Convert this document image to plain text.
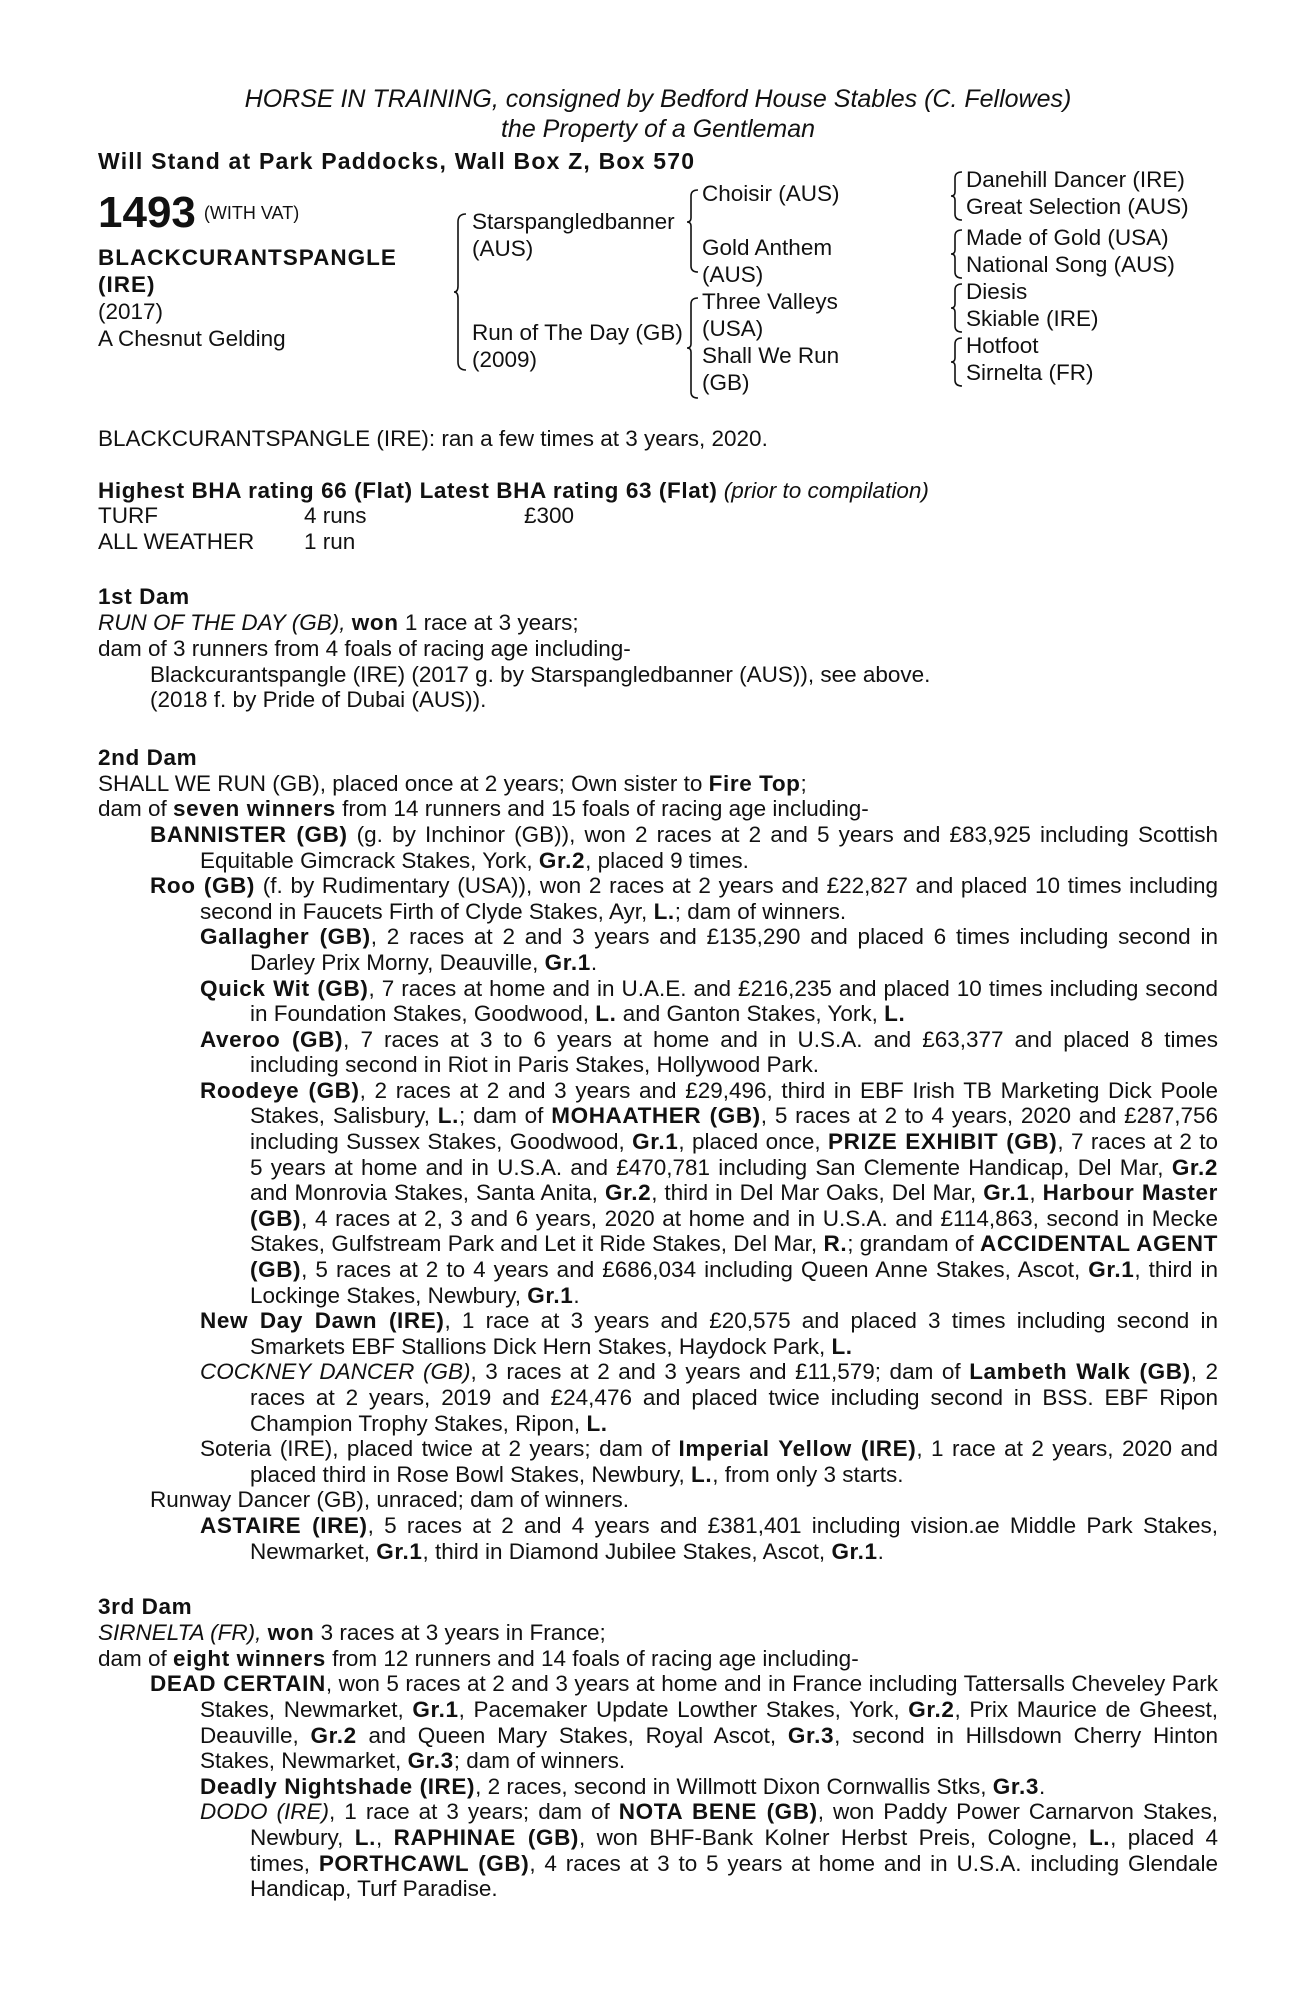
HORSE IN TRAINING, consigned by Bedford House Stables (C. Fellowes)
the Property of a Gentleman
Will Stand at Park Paddocks, Wall Box Z, Box 570
1493 $^{(WITH VAT)}$
BLACKCURANTSPANGLE
(IRE)
(2017)
A Chesnut Gelding
Starspangledbanner
(AUS)
Run of The Day (GB)
(2009)
Choisir (AUS)
Gold Anthem
(AUS)
Three Valleys
(USA)
Shall We Run
(GB)
Danehill Dancer (IRE)
Great Selection (AUS)
Made of Gold (USA)
National Song (AUS)
Diesis
Skiable (IRE)
Hotfoot
Sirnelta (FR)
BLACKCURANTSPANGLE (IRE): ran a few times at 3 years, 2020.
Highest BHA rating 66 (Flat) Latest BHA rating 63 (Flat) (prior to compilation)
TURF	4 runs	£300
ALL WEATHER	1 run
1st Dam
RUN OF THE DAY (GB), won 1 race at 3 years;
dam of 3 runners from 4 foals of racing age including-
Blackcurantspangle (IRE) (2017 g. by Starspangledbanner (AUS)), see above.
(2018 f. by Pride of Dubai (AUS)).
2nd Dam
SHALL WE RUN (GB), placed once at 2 years; Own sister to Fire Top;
dam of seven winners from 14 runners and 15 foals of racing age including-
BANNISTER (GB) (g. by Inchinor (GB)), won 2 races at 2 and 5 years and £83,925 including Scottish Equitable Gimcrack Stakes, York, Gr.2, placed 9 times.
Roo (GB) (f. by Rudimentary (USA)), won 2 races at 2 years and £22,827 and placed 10 times including second in Faucets Firth of Clyde Stakes, Ayr, L.; dam of winners.
Gallagher (GB), 2 races at 2 and 3 years and £135,290 and placed 6 times including second in Darley Prix Morny, Deauville, Gr.1.
Quick Wit (GB), 7 races at home and in U.A.E. and £216,235 and placed 10 times including second in Foundation Stakes, Goodwood, L. and Ganton Stakes, York, L.
Averoo (GB), 7 races at 3 to 6 years at home and in U.S.A. and £63,377 and placed 8 times including second in Riot in Paris Stakes, Hollywood Park.
Roodeye (GB), 2 races at 2 and 3 years and £29,496, third in EBF Irish TB Marketing Dick Poole Stakes, Salisbury, L.; dam of MOHAATHER (GB), 5 races at 2 to 4 years, 2020 and £287,756 including Sussex Stakes, Goodwood, Gr.1, placed once, PRIZE EXHIBIT (GB), 7 races at 2 to 5 years at home and in U.S.A. and £470,781 including San Clemente Handicap, Del Mar, Gr.2 and Monrovia Stakes, Santa Anita, Gr.2, third in Del Mar Oaks, Del Mar, Gr.1, Harbour Master (GB), 4 races at 2, 3 and 6 years, 2020 at home and in U.S.A. and £114,863, second in Mecke Stakes, Gulfstream Park and Let it Ride Stakes, Del Mar, R.; grandam of ACCIDENTAL AGENT (GB), 5 races at 2 to 4 years and £686,034 including Queen Anne Stakes, Ascot, Gr.1, third in Lockinge Stakes, Newbury, Gr.1.
New Day Dawn (IRE), 1 race at 3 years and £20,575 and placed 3 times including second in Smarkets EBF Stallions Dick Hern Stakes, Haydock Park, L.
COCKNEY DANCER (GB), 3 races at 2 and 3 years and £11,579; dam of Lambeth Walk (GB), 2 races at 2 years, 2019 and £24,476 and placed twice including second in BSS. EBF Ripon Champion Trophy Stakes, Ripon, L.
Soteria (IRE), placed twice at 2 years; dam of Imperial Yellow (IRE), 1 race at 2 years, 2020 and placed third in Rose Bowl Stakes, Newbury, L., from only 3 starts.
Runway Dancer (GB), unraced; dam of winners.
ASTAIRE (IRE), 5 races at 2 and 4 years and £381,401 including vision.ae Middle Park Stakes, Newmarket, Gr.1, third in Diamond Jubilee Stakes, Ascot, Gr.1.
3rd Dam
SIRNELTA (FR), won 3 races at 3 years in France;
dam of eight winners from 12 runners and 14 foals of racing age including-
DEAD CERTAIN, won 5 races at 2 and 3 years at home and in France including Tattersalls Cheveley Park Stakes, Newmarket, Gr.1, Pacemaker Update Lowther Stakes, York, Gr.2, Prix Maurice de Gheest, Deauville, Gr.2 and Queen Mary Stakes, Royal Ascot, Gr.3, second in Hillsdown Cherry Hinton Stakes, Newmarket, Gr.3; dam of winners.
Deadly Nightshade (IRE), 2 races, second in Willmott Dixon Cornwallis Stks, Gr.3.
DODO (IRE), 1 race at 3 years; dam of NOTA BENE (GB), won Paddy Power Carnarvon Stakes, Newbury, L., RAPHINAE (GB), won BHF-Bank Kolner Herbst Preis, Cologne, L., placed 4 times, PORTHCAWL (GB), 4 races at 3 to 5 years at home and in U.S.A. including Glendale Handicap, Turf Paradise.
